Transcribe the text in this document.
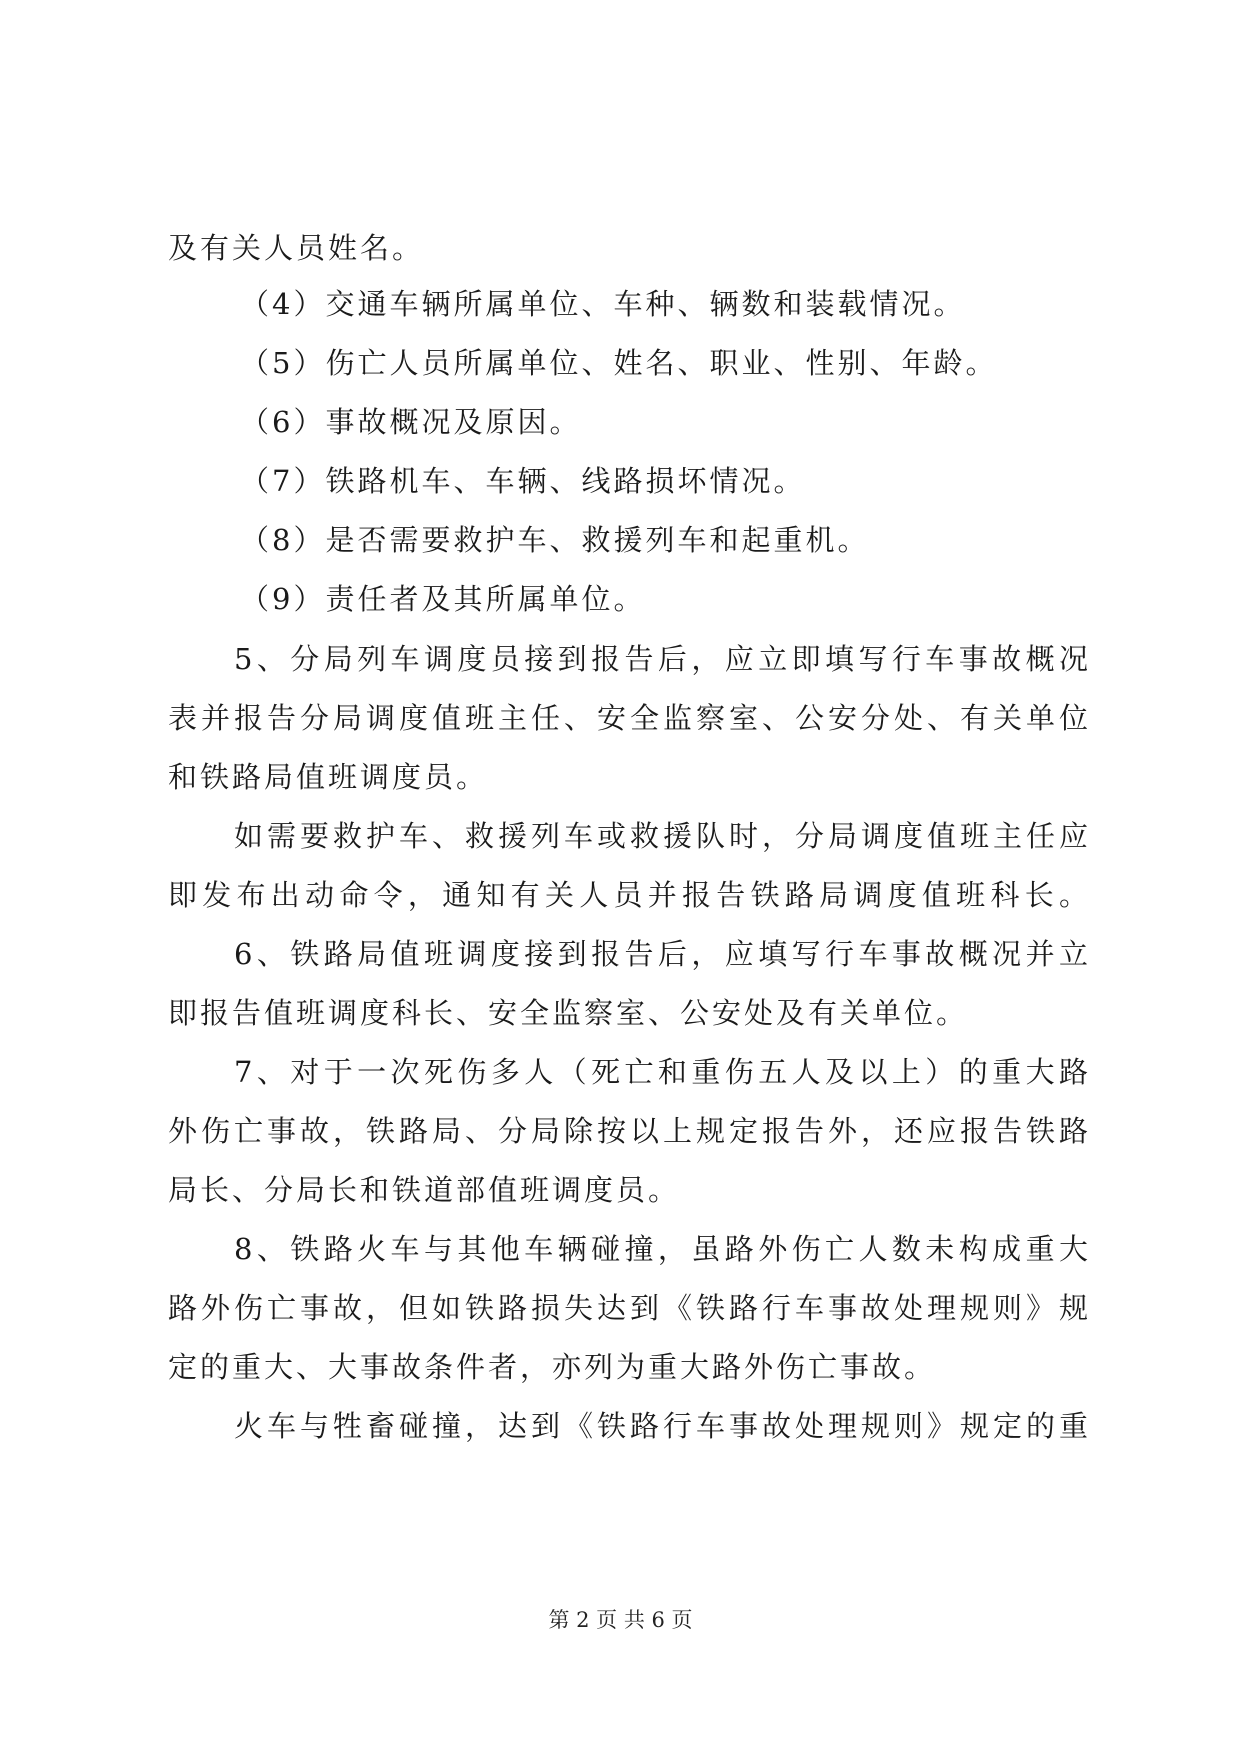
及有关人员姓名。
（4）交通车辆所属单位、车种、辆数和装载情况。
（5）伤亡人员所属单位、姓名、职业、性别、年龄。
（6）事故概况及原因。
（7）铁路机车、车辆、线路损坏情况。
（8）是否需要救护车、救援列车和起重机。
（9）责任者及其所属单位。
5、分局列车调度员接到报告后，应立即填写行车事故概况
表并报告分局调度值班主任、安全监察室、公安分处、有关单位
和铁路局值班调度员。
如需要救护车、救援列车或救援队时，分局调度值班主任应
即发布出动命令，通知有关人员并报告铁路局调度值班科长。
6、铁路局值班调度接到报告后，应填写行车事故概况并立
即报告值班调度科长、安全监察室、公安处及有关单位。
7、对于一次死伤多人（死亡和重伤五人及以上）的重大路
外伤亡事故，铁路局、分局除按以上规定报告外，还应报告铁路
局长、分局长和铁道部值班调度员。
8、铁路火车与其他车辆碰撞，虽路外伤亡人数未构成重大
路外伤亡事故，但如铁路损失达到《铁路行车事故处理规则》规
定的重大、大事故条件者，亦列为重大路外伤亡事故。
火车与牲畜碰撞，达到《铁路行车事故处理规则》规定的重
第 2 页 共 6 页
